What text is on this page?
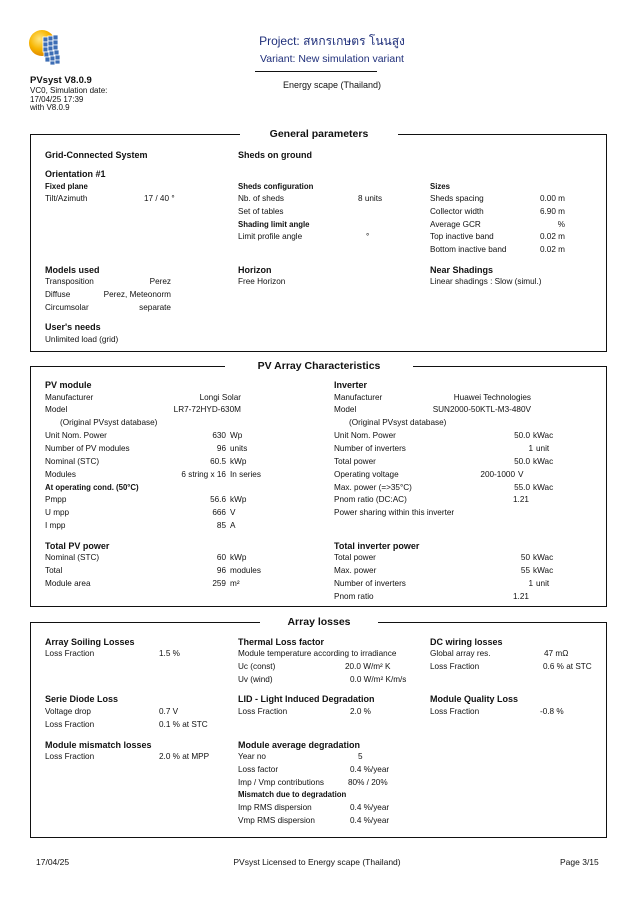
PVsyst V8.0.9
VC0, Simulation date:
17/04/25 17:39
with V8.0.9
Project: สหกรเกษตร โนนสูง
Variant: New simulation variant
Energy scape (Thailand)
General parameters
Grid-Connected System
Orientation #1
Fixed plane
Tilt/Azimuth	17 / 40 °
Sheds on ground
Sheds configuration
Nb. of sheds	8 units
Set of tables
Shading limit angle
Limit profile angle	°
Sizes
Sheds spacing	0.00 m
Collector width	6.90 m
Average GCR	%
Top inactive band	0.02 m
Bottom inactive band	0.02 m
Models used
Transposition	Perez
Diffuse	Perez, Meteonorm
Circumsolar	separate
Horizon
Free Horizon
Near Shadings
Linear shadings : Slow (simul.)
User's needs
Unlimited load (grid)
PV Array Characteristics
PV module
Manufacturer	Longi Solar
Model	LR7-72HYD-630M
(Original PVsyst database)
Unit Nom. Power	630 Wp
Number of PV modules	96 units
Nominal (STC)	60.5 kWp
Modules	6 string x 16 In series
At operating cond. (50°C)
Pmpp	56.6 kWp
U mpp	666 V
I mpp	85 A
Inverter
Manufacturer	Huawei Technologies
Model	SUN2000-50KTL-M3-480V
(Original PVsyst database)
Unit Nom. Power	50.0 kWac
Number of inverters	1 unit
Total power	50.0 kWac
Operating voltage	200-1000 V
Max. power (=>35°C)	55.0 kWac
Pnom ratio (DC:AC)	1.21
Power sharing within this inverter
Total PV power
Nominal (STC)	60 kWp
Total	96 modules
Module area	259 m²
Total inverter power
Total power	50 kWac
Max. power	55 kWac
Number of inverters	1 unit
Pnom ratio	1.21
Array losses
Array Soiling Losses
Loss Fraction	1.5 %
Thermal Loss factor
Module temperature according to irradiance
Uc (const)	20.0 W/m² K
Uv (wind)	0.0 W/m² K/m/s
DC wiring losses
Global array res.	47 mΩ
Loss Fraction	0.6 % at STC
Serie Diode Loss
Voltage drop	0.7 V
Loss Fraction	0.1 % at STC
LID - Light Induced Degradation
Loss Fraction	2.0 %
Module Quality Loss
Loss Fraction	-0.8 %
Module mismatch losses
Loss Fraction	2.0 % at MPP
Module average degradation
Year no	5
Loss factor	0.4 %/year
Imp / Vmp contributions	80% / 20%
Mismatch due to degradation
Imp RMS dispersion	0.4 %/year
Vmp RMS dispersion	0.4 %/year
17/04/25	PVsyst Licensed to Energy scape (Thailand)	Page 3/15
